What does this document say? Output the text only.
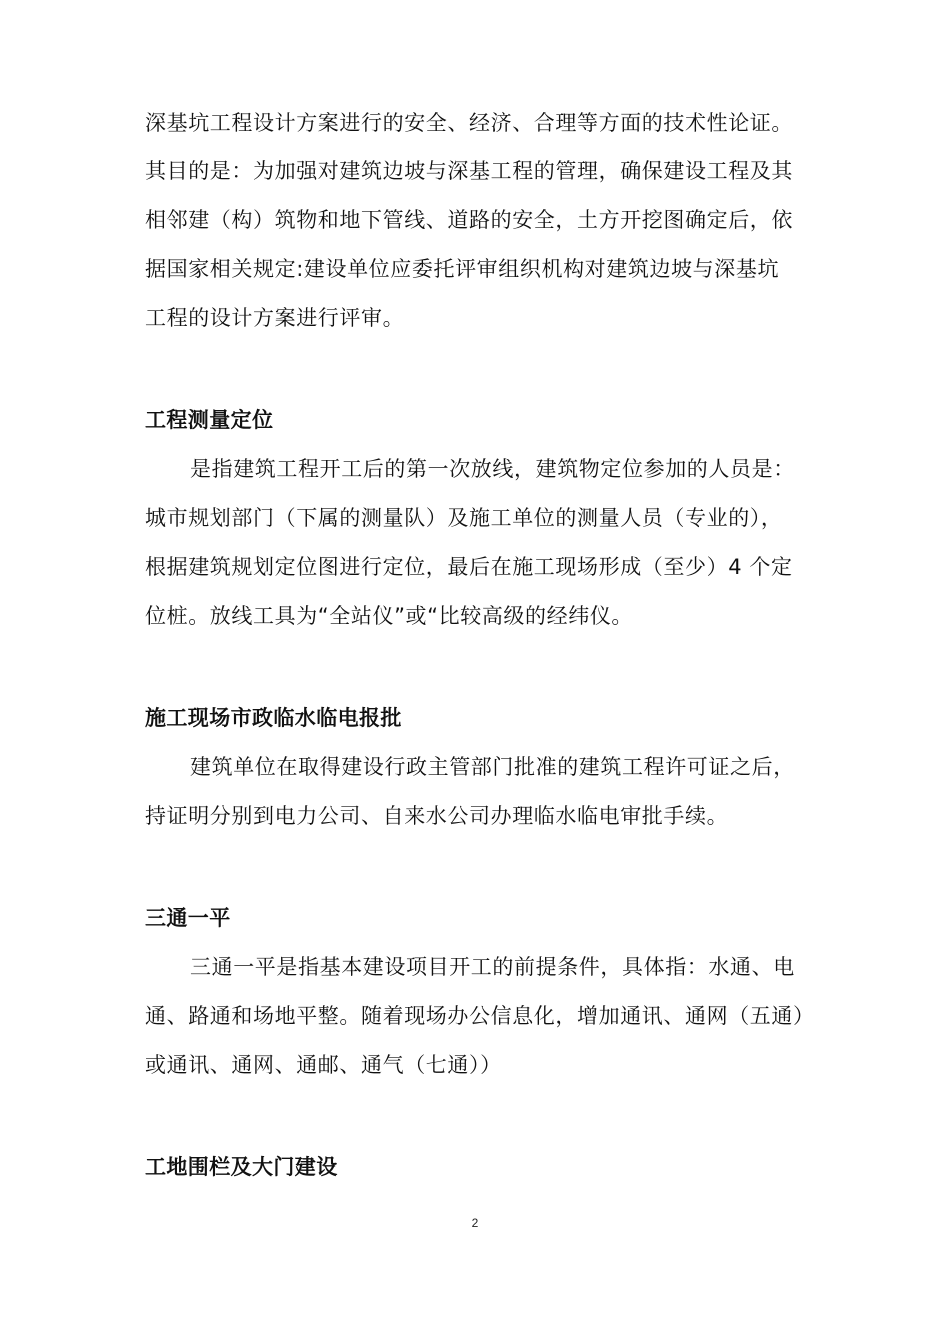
深基坑工程设计方案进行的安全、经济、合理等方面的技术性论证。
其目的是：为加强对建筑边坡与深基工程的管理，确保建设工程及其
相邻建（构）筑物和地下管线、道路的安全，土方开挖图确定后，依
据国家相关规定:建设单位应委托评审组织机构对建筑边坡与深基坑
工程的设计方案进行评审。
工程测量定位
是指建筑工程开工后的第一次放线，建筑物定位参加的人员是：
城市规划部门（下属的测量队）及施工单位的测量人员（专业的），
根据建筑规划定位图进行定位，最后在施工现场形成（至少）4 个定
位桩。放线工具为“全站仪”或“比较高级的经纬仪。
施工现场市政临水临电报批
建筑单位在取得建设行政主管部门批准的建筑工程许可证之后，
持证明分别到电力公司、自来水公司办理临水临电审批手续。
三通一平
三通一平是指基本建设项目开工的前提条件，具体指：水通、电
通、路通和场地平整。随着现场办公信息化，增加通讯、通网（五通）
或通讯、通网、通邮、通气（七通））
工地围栏及大门建设
2
